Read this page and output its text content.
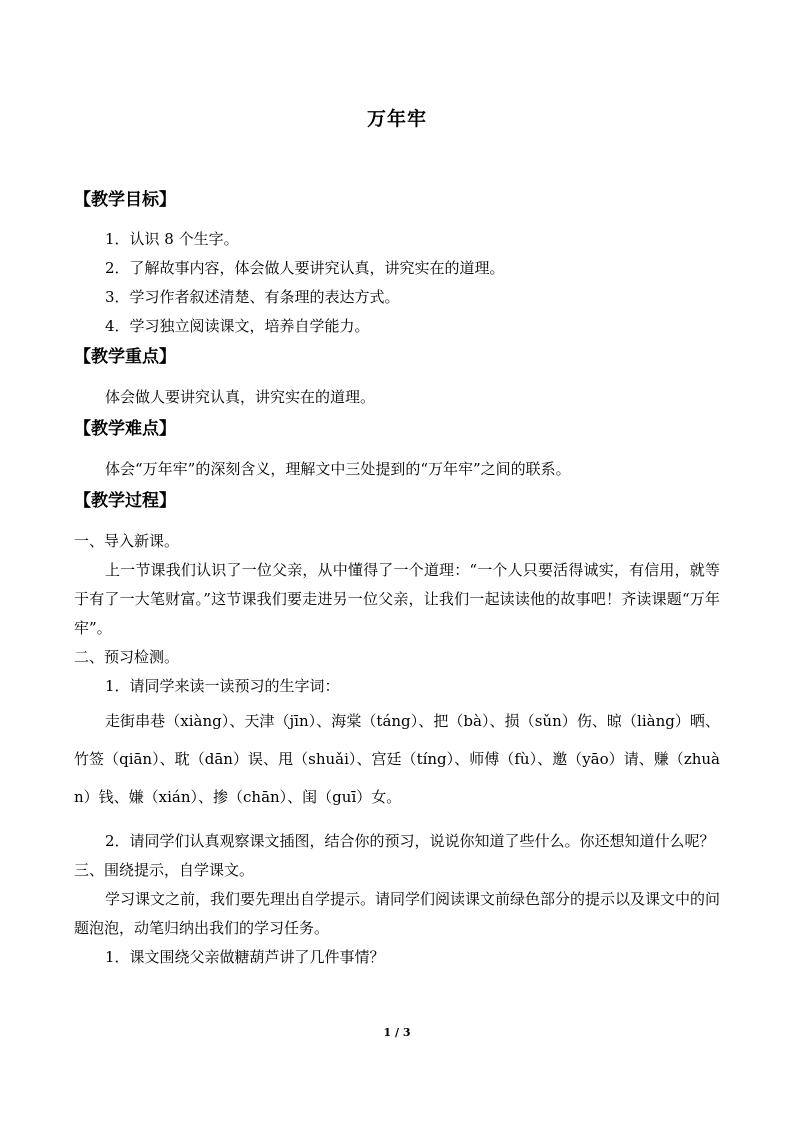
万年牢
【教学目标】
1．认识 8 个生字。
2．了解故事内容，体会做人要讲究认真，讲究实在的道理。
3．学习作者叙述清楚、有条理的表达方式。
4．学习独立阅读课文，培养自学能力。
【教学重点】
体会做人要讲究认真，讲究实在的道理。
【教学难点】
体会“万年牢”的深刻含义，理解文中三处提到的“万年牢”之间的联系。
【教学过程】
一、导入新课。
上一节课我们认识了一位父亲，从中懂得了一个道理：“一个人只要活得诚实，有信用，就等于有了一大笔财富。”这节课我们要走进另一位父亲，让我们一起读读他的故事吧！齐读课题“万年牢”。
二、预习检测。
1．请同学来读一读预习的生字词：
走街串巷（xiàng）、天津（jīn）、海棠（táng）、把（bà）、损（sǔn）伤、晾（liàng）晒、竹签（qiān）、耽（dān）误、甩（shuǎi）、宫廷（tíng）、师傅（fù）、邀（yāo）请、赚（zhuàn）钱、嫌（xián）、掺（chān）、闺（guī）女。
2．请同学们认真观察课文插图，结合你的预习，说说你知道了些什么。你还想知道什么呢？
三、围绕提示，自学课文。
学习课文之前，我们要先理出自学提示。请同学们阅读课文前绿色部分的提示以及课文中的问题泡泡，动笔归纳出我们的学习任务。
1．课文围绕父亲做糖葫芦讲了几件事情？
1 / 3
